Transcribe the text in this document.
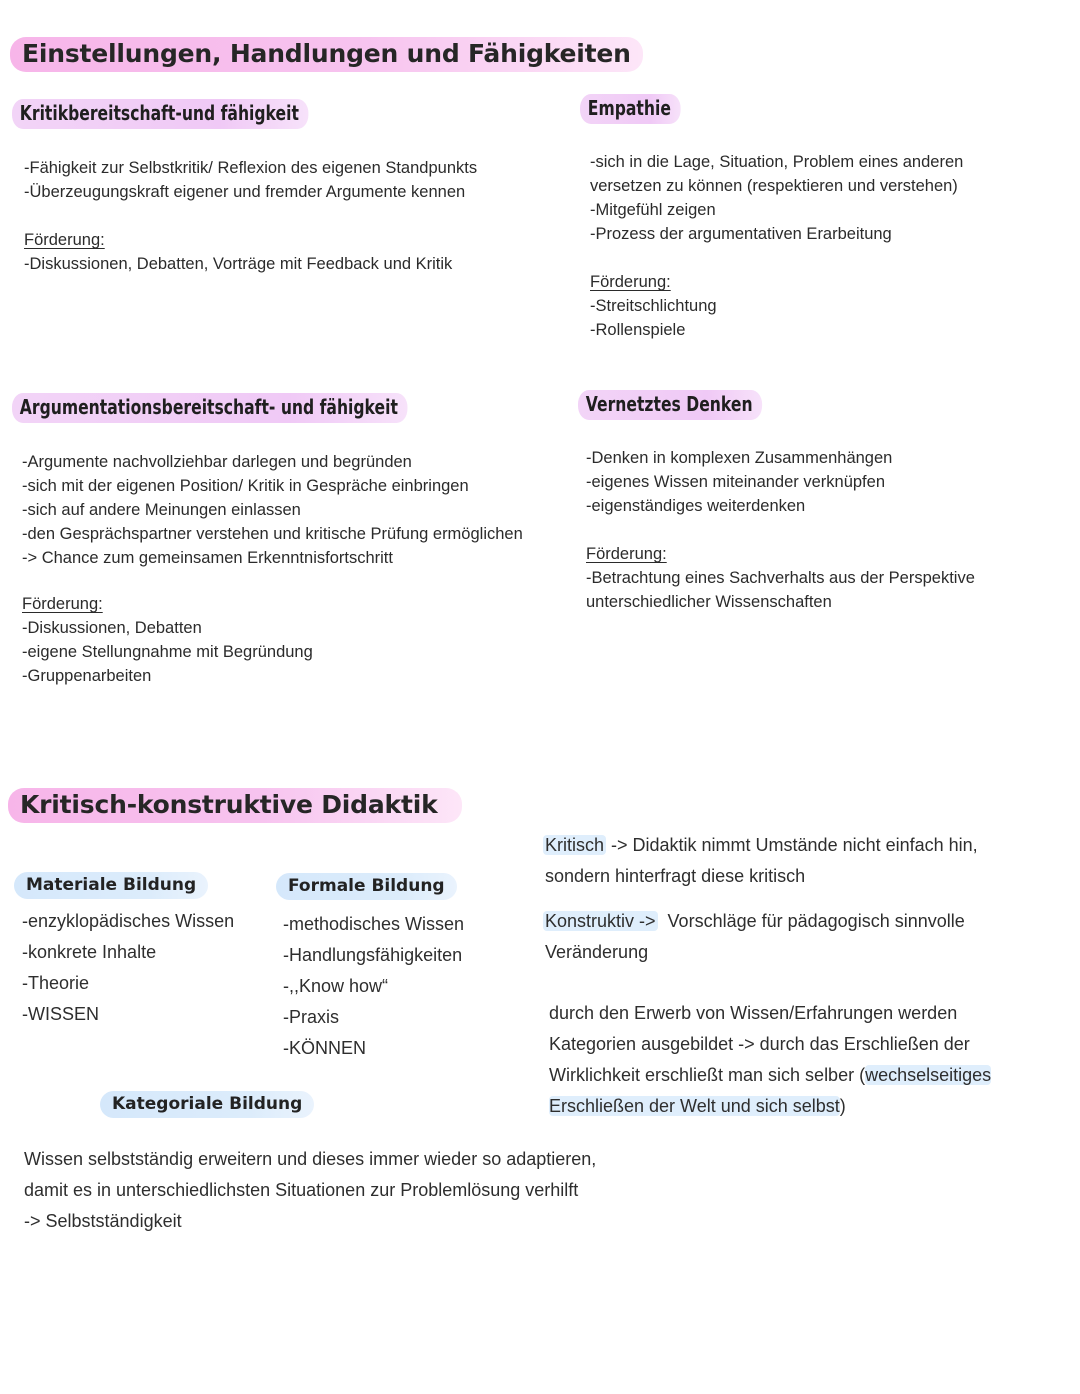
Einstellungen, Handlungen und Fähigkeiten
Kritikbereitschaft-und fähigkeit
-Fähigkeit zur Selbstkritik/ Reflexion des eigenen Standpunkts
-Überzeugungskraft eigener und fremder Argumente kennen
Förderung:
-Diskussionen, Debatten, Vorträge mit Feedback und Kritik
Empathie
-sich in die Lage, Situation, Problem eines anderen
versetzen zu können (respektieren und verstehen)
-Mitgefühl zeigen
-Prozess der argumentativen Erarbeitung
Förderung:
-Streitschlichtung
-Rollenspiele
Argumentationsbereitschaft- und fähigkeit
-Argumente nachvollziehbar darlegen und begründen
-sich mit der eigenen Position/ Kritik in Gespräche einbringen
-sich auf andere Meinungen einlassen
-den Gesprächspartner verstehen und kritische Prüfung ermöglichen
-> Chance zum gemeinsamen Erkenntnisfortschritt
Förderung:
-Diskussionen, Debatten
-eigene Stellungnahme mit Begründung
-Gruppenarbeiten
Vernetztes Denken
-Denken in komplexen Zusammenhängen
-eigenes Wissen miteinander verknüpfen
-eigenständiges weiterdenken
Förderung:
-Betrachtung eines Sachverhalts aus der Perspektive
unterschiedlicher Wissenschaften
Kritisch-konstruktive Didaktik
Materiale Bildung
-enzyklopädisches Wissen
-konkrete Inhalte
-Theorie
-WISSEN
Formale Bildung
-methodisches Wissen
-Handlungsfähigkeiten
-,,Know how“
-Praxis
-KÖNNEN
Kategoriale Bildung
Wissen selbstständig erweitern und dieses immer wieder so adaptieren,
damit es in unterschiedlichsten Situationen zur Problemlösung verhilft
-> Selbstständigkeit
Kritisch -> Didaktik nimmt Umstände nicht einfach hin,
sondern hinterfragt diese kritisch
Konstruktiv ->  Vorschläge für pädagogisch sinnvolle
Veränderung
durch den Erwerb von Wissen/Erfahrungen werden
Kategorien ausgebildet -> durch das Erschließen der
Wirklichkeit erschließt man sich selber (wechselseitiges
Erschließen der Welt und sich selbst)
